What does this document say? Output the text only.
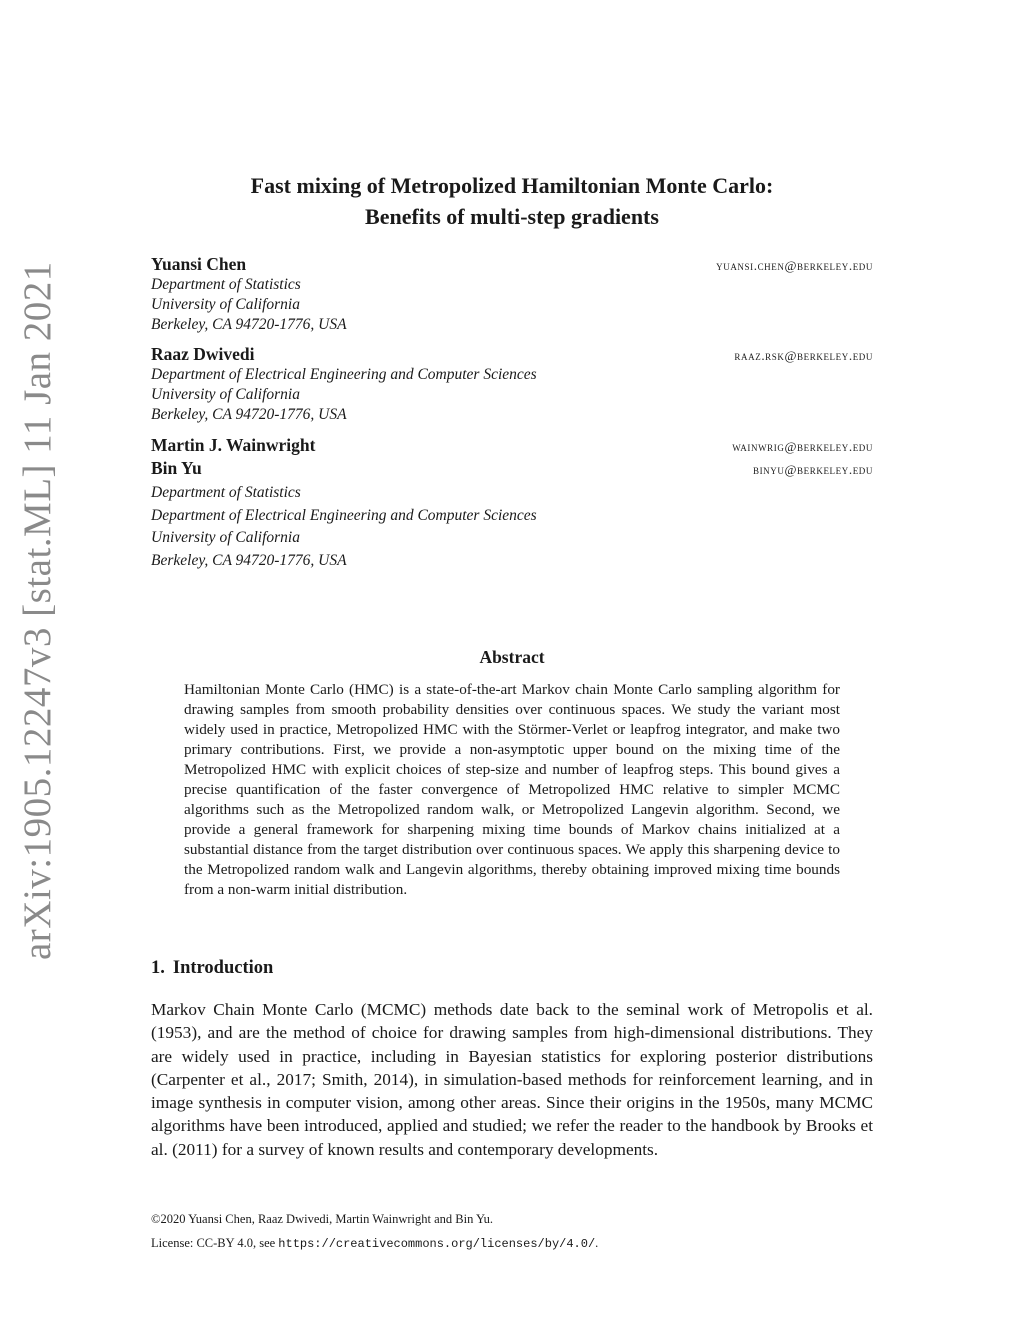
arXiv:1905.12247v3 [stat.ML] 11 Jan 2021
Fast mixing of Metropolized Hamiltonian Monte Carlo:
Benefits of multi-step gradients
Yuansi Chen	yuansi.chen@berkeley.edu
Department of Statistics
University of California
Berkeley, CA 94720-1776, USA
Raaz Dwivedi	raaz.rsk@berkeley.edu
Department of Electrical Engineering and Computer Sciences
University of California
Berkeley, CA 94720-1776, USA
Martin J. Wainwright	wainwrig@berkeley.edu
Bin Yu	binyu@berkeley.edu
Department of Statistics
Department of Electrical Engineering and Computer Sciences
University of California
Berkeley, CA 94720-1776, USA
Abstract

Hamiltonian Monte Carlo (HMC) is a state-of-the-art Markov chain Monte Carlo sampling algorithm for drawing samples from smooth probability densities over continuous spaces. We study the variant most widely used in practice, Metropolized HMC with the Störmer-Verlet or leapfrog integrator, and make two primary contributions. First, we provide a non-asymptotic upper bound on the mixing time of the Metropolized HMC with explicit choices of step-size and number of leapfrog steps. This bound gives a precise quantification of the faster convergence of Metropolized HMC relative to simpler MCMC algorithms such as the Metropolized random walk, or Metropolized Langevin algorithm. Second, we provide a general framework for sharpening mixing time bounds of Markov chains initialized at a substantial distance from the target distribution over continuous spaces. We apply this sharpening device to the Metropolized random walk and Langevin algorithms, thereby obtaining improved mixing time bounds from a non-warm initial distribution.

1. Introduction

Markov Chain Monte Carlo (MCMC) methods date back to the seminal work of Metropolis et al. (1953), and are the method of choice for drawing samples from high-dimensional distributions. They are widely used in practice, including in Bayesian statistics for exploring posterior distributions (Carpenter et al., 2017; Smith, 2014), in simulation-based methods for reinforcement learning, and in image synthesis in computer vision, among other areas. Since their origins in the 1950s, many MCMC algorithms have been introduced, applied and studied; we refer the reader to the handbook by Brooks et al. (2011) for a survey of known results and contemporary developments.

©2020 Yuansi Chen, Raaz Dwivedi, Martin Wainwright and Bin Yu.
License: CC-BY 4.0, see https://creativecommons.org/licenses/by/4.0/.
